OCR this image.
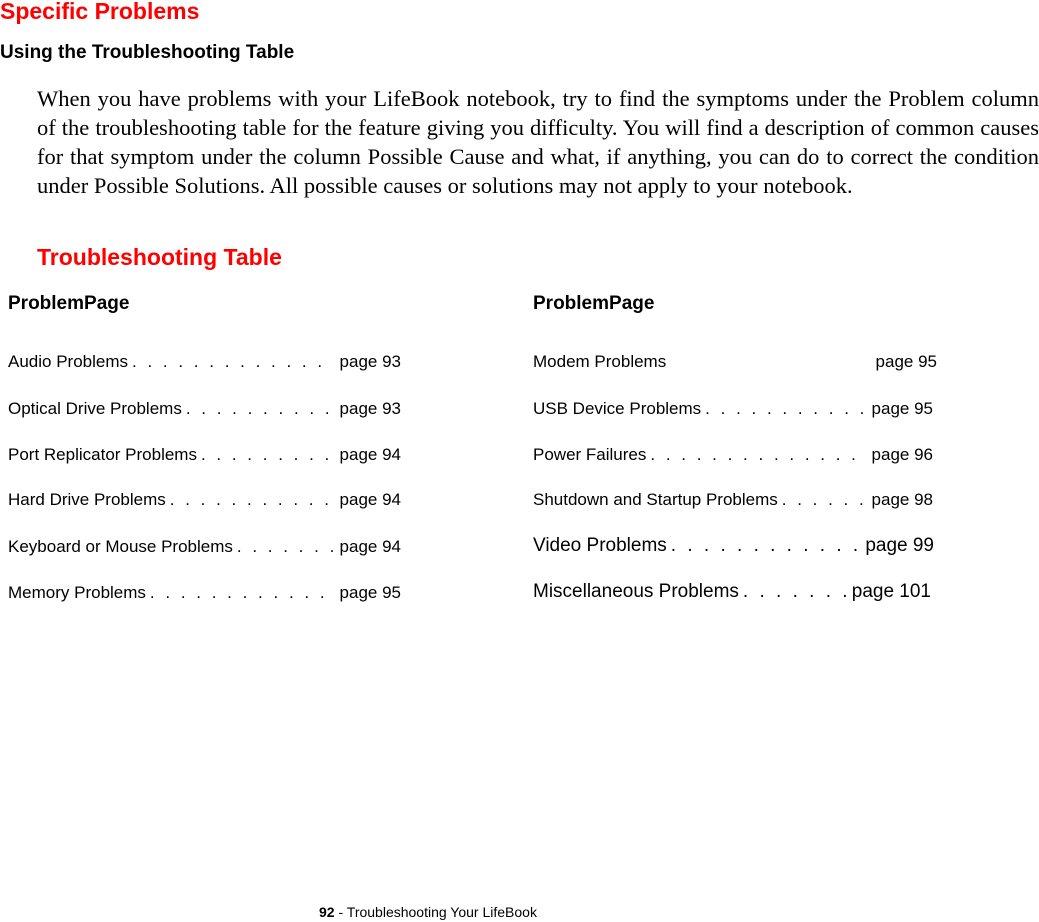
Specific Problems
Using the Troubleshooting Table

When you have problems with your LifeBook notebook, try to find the symptoms under the Problem column of the troubleshooting table for the feature giving you difficulty. You will find a description of common causes for that symptom under the column Possible Cause and what, if anything, you can do to correct the condition under Possible Solutions. All possible causes or solutions may not apply to your notebook.

Troubleshooting Table
ProblemPage
Audio Problems . . .	page 93
Optical Drive Problems . . .	page 93
Port Replicator Problems . . .	page 94
Hard Drive Problems . . .	page 94
Keyboard or Mouse Problems . . .	page 94
Memory Problems . . .	page 95
ProblemPage
Modem Problems	page 95
USB Device Problems . . .	page 95
Power Failures . . .	page 96
Shutdown and Startup Problems . . .	page 98
Video Problems . . .	page 99
Miscellaneous Problems . . .	page 101
92 - Troubleshooting Your LifeBook
